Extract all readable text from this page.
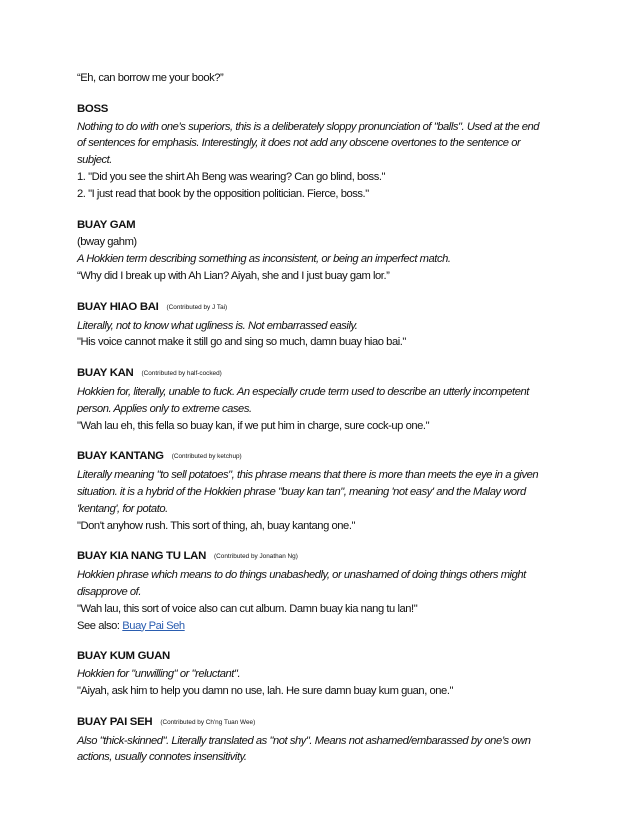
“Eh, can borrow me your book?”
BOSS
Nothing to do with one’s superiors, this is a deliberately sloppy pronunciation of "balls". Used at the end
of sentences for emphasis. Interestingly, it does not add any obscene overtones to the sentence or
subject.
1. "Did you see the shirt Ah Beng was wearing? Can go blind, boss."
2. "I just read that book by the opposition politician. Fierce, boss."
BUAY GAM
(bway gahm)
A Hokkien term describing something as inconsistent, or being an imperfect match.
“Why did I break up with Ah Lian? Aiyah, she and I just buay gam lor.”
BUAY HIAO BAI (Contributed by J Tai)
Literally, not to know what ugliness is. Not embarrassed easily.
"His voice cannot make it still go and sing so much, damn buay hiao bai."
BUAY KAN (Contributed by half-cocked)
Hokkien for, literally, unable to fuck. An especially crude term used to describe an utterly incompetent
person. Applies only to extreme cases.
"Wah lau eh, this fella so buay kan, if we put him in charge, sure cock-up one."
BUAY KANTANG (Contributed by ketchup)
Literally meaning "to sell potatoes", this phrase means that there is more than meets the eye in a given
situation. it is a hybrid of the Hokkien phrase "buay kan tan", meaning 'not easy' and the Malay word
'kentang', for potato.
"Don't anyhow rush. This sort of thing, ah, buay kantang one."
BUAY KIA NANG TU LAN (Contributed by Jonathan Ng)
Hokkien phrase which means to do things unabashedly, or unashamed of doing things others might
disapprove of.
"Wah lau, this sort of voice also can cut album. Damn buay kia nang tu lan!"
See also: Buay Pai Seh
BUAY KUM GUAN
Hokkien for "unwilling" or "reluctant".
"Aiyah, ask him to help you damn no use, lah. He sure damn buay kum guan, one."
BUAY PAI SEH (Contributed by Ch'ng Tuan Wee)
Also "thick-skinned". Literally translated as "not shy". Means not ashamed/embarassed by one’s own
actions, usually connotes insensitivity.
